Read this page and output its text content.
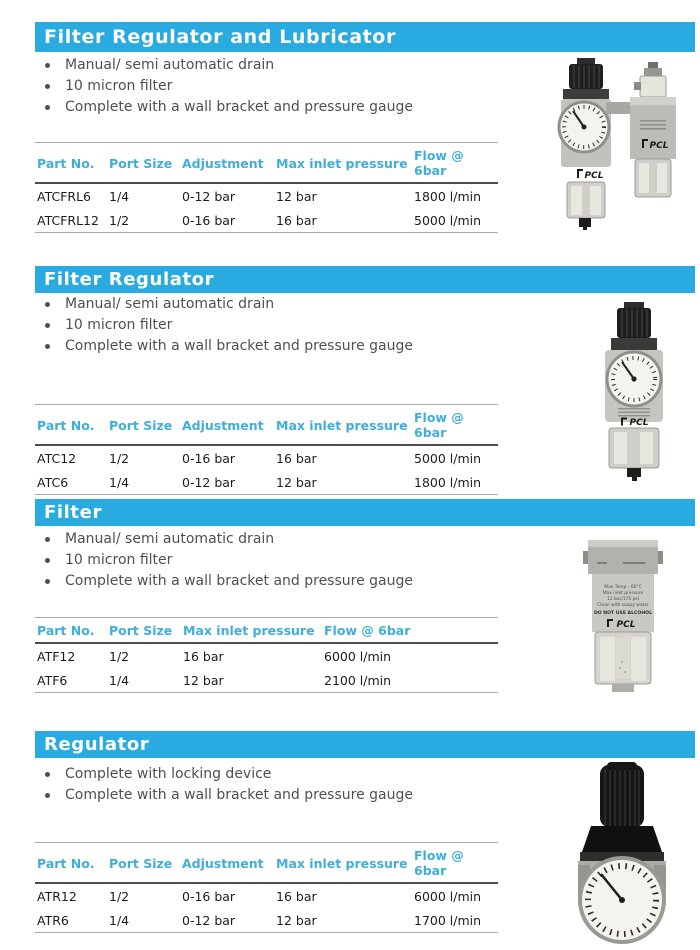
Filter Regulator and Lubricator
Manual/ semi automatic drain
10 micron filter
Complete with a wall bracket and pressure gauge
Part No.	Port Size	Adjustment	Max inlet pressure	Flow @ 6bar
ATCFRL6	1/4	0-12 bar	12 bar	1800 l/min
ATCFRL12	1/2	0-16 bar	16 bar	5000 l/min
PCL
PCL
Filter Regulator
Manual/ semi automatic drain
10 micron filter
Complete with a wall bracket and pressure gauge
Part No.	Port Size	Adjustment	Max inlet pressure	Flow @ 6bar
ATC12	1/2	0-16 bar	16 bar	5000 l/min
ATC6	1/4	0-12 bar	12 bar	1800 l/min
PCL
Filter
Manual/ semi automatic drain
10 micron filter
Complete with a wall bracket and pressure gauge
Part No.	Port Size	Max inlet pressure	Flow @ 6bar
ATF12	1/2	16 bar	6000 l/min
ATF6	1/4	12 bar	2100 l/min
Max Temp - 60°C
Max inlet pressure
12 bar/175 psi
Clean with soapy water
DO NOT USE ALCOHOL
PCL
Regulator
Complete with locking device
Complete with a wall bracket and pressure gauge
Part No.	Port Size	Adjustment	Max inlet pressure	Flow @ 6bar
ATR12	1/2	0-16 bar	16 bar	6000 l/min
ATR6	1/4	0-12 bar	12 bar	1700 l/min
